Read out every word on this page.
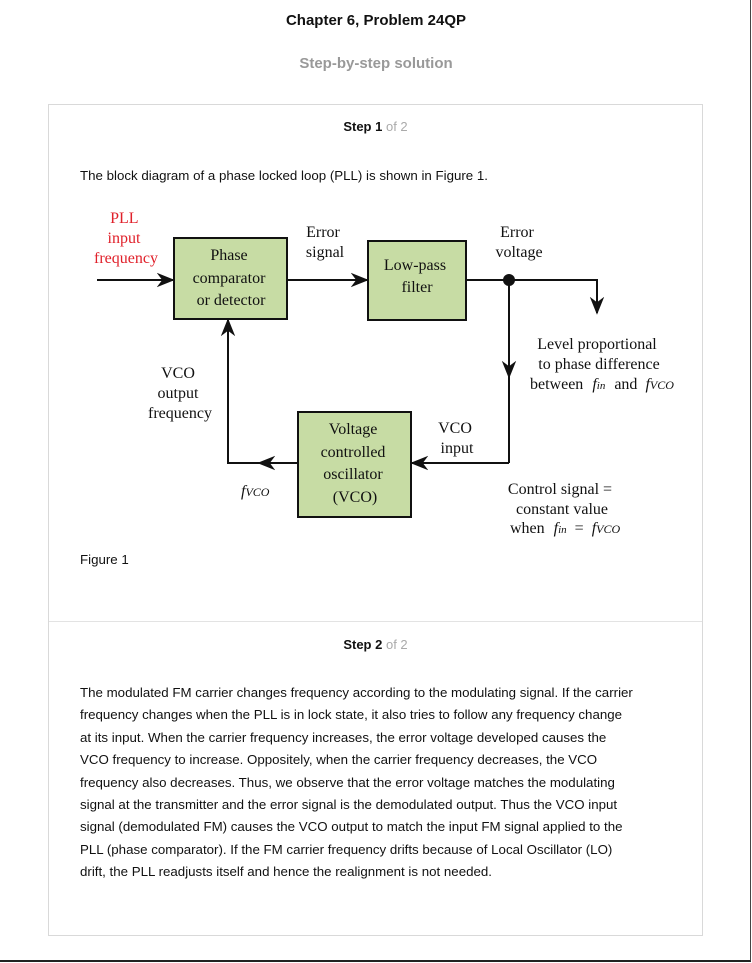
Chapter 6, Problem 24QP
Step-by-step solution
Step 1 of 2
The block diagram of a phase locked loop (PLL) is shown in Figure 1.
PLL input frequency	Phase comparator or detector
Error signal
Low-pass filter
Error voltage
Level proportional to phase difference
between fin and fVCO
VCO output frequency
Voltage controlled oscillator (VCO)
VCO input
fVCO	Control signal = constant value
when fin = fVCO
Figure 1
Step 2 of 2
The modulated FM carrier changes frequency according to the modulating signal. If the carrier
frequency changes when the PLL is in lock state, it also tries to follow any frequency change
at its input. When the carrier frequency increases, the error voltage developed causes the
VCO frequency to increase. Oppositely, when the carrier frequency decreases, the VCO
frequency also decreases. Thus, we observe that the error voltage matches the modulating
signal at the transmitter and the error signal is the demodulated output. Thus the VCO input
signal (demodulated FM) causes the VCO output to match the input FM signal applied to the
PLL (phase comparator). If the FM carrier frequency drifts because of Local Oscillator (LO)
drift, the PLL readjusts itself and hence the realignment is not needed.
